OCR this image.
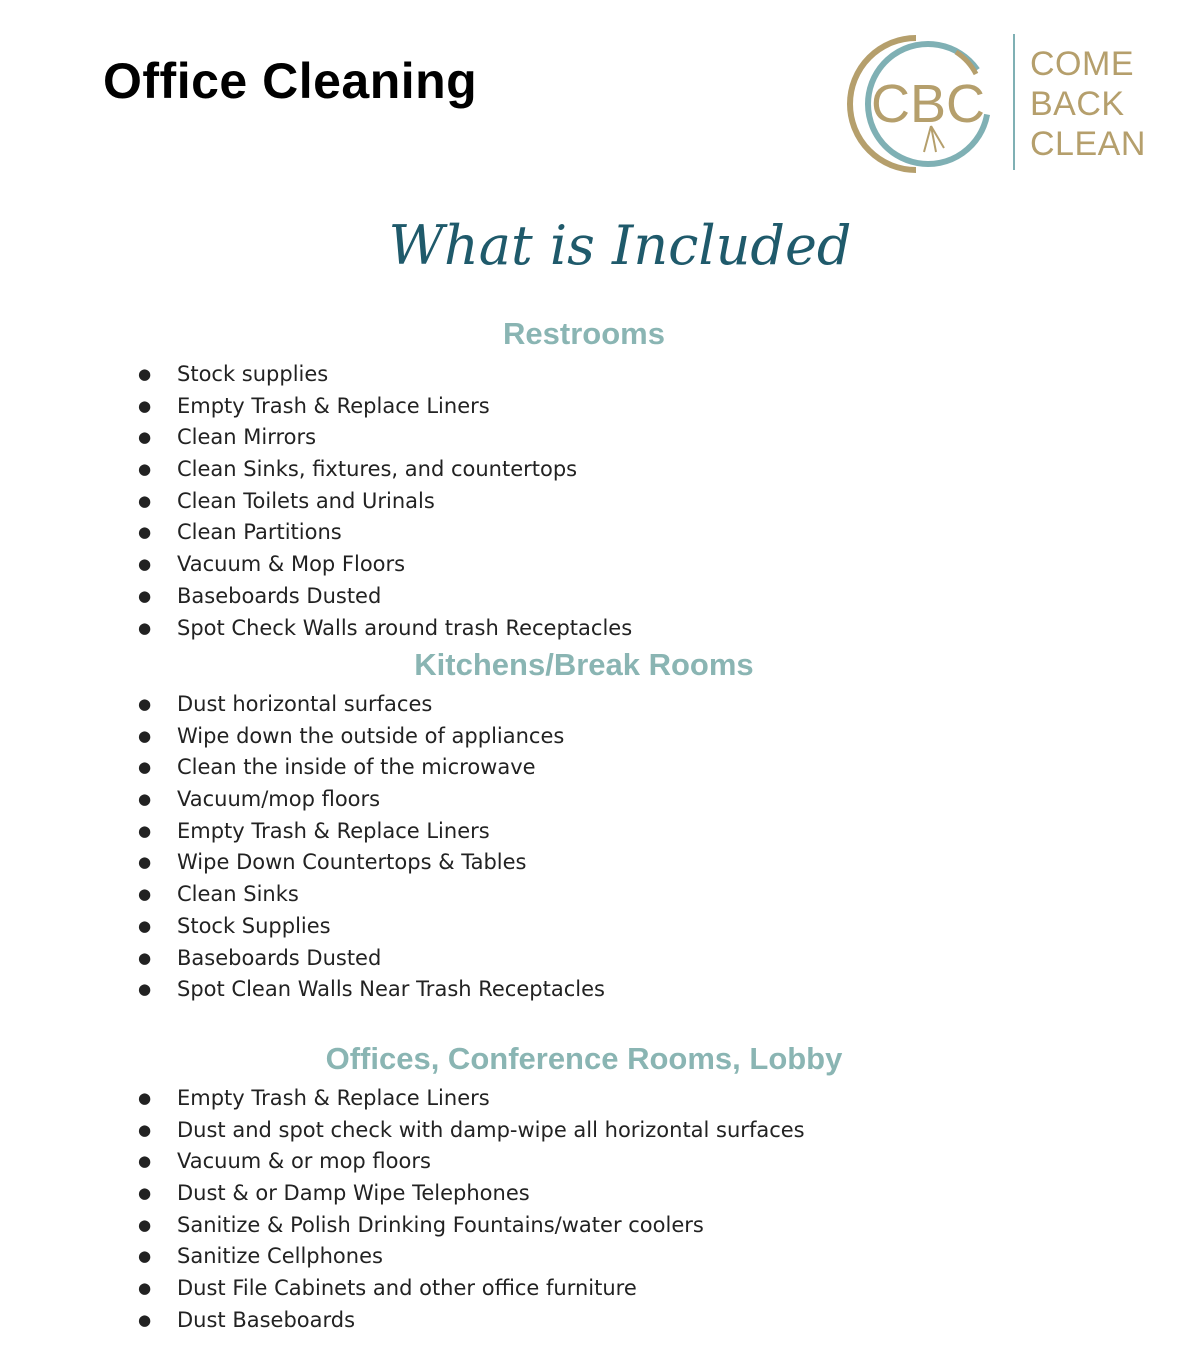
Office Cleaning	CBC
COME
BACK
CLEAN
What is Included
Restrooms
● Stock supplies
● Empty Trash & Replace Liners
● Clean Mirrors
● Clean Sinks, fixtures, and countertops
● Clean Toilets and Urinals
● Clean Partitions
● Vacuum & Mop Floors
● Baseboards Dusted
● Spot Check Walls around trash Receptacles
Kitchens/Break Rooms
● Dust horizontal surfaces
● Wipe down the outside of appliances
● Clean the inside of the microwave
● Vacuum/mop floors
● Empty Trash & Replace Liners
● Wipe Down Countertops & Tables
● Clean Sinks
● Stock Supplies
● Baseboards Dusted
● Spot Clean Walls Near Trash Receptacles
Offices, Conference Rooms, Lobby
● Empty Trash & Replace Liners
● Dust and spot check with damp-wipe all horizontal surfaces
● Vacuum & or mop floors
● Dust & or Damp Wipe Telephones
● Sanitize & Polish Drinking Fountains/water coolers
● Sanitize Cellphones
● Dust File Cabinets and other office furniture
● Dust Baseboards
